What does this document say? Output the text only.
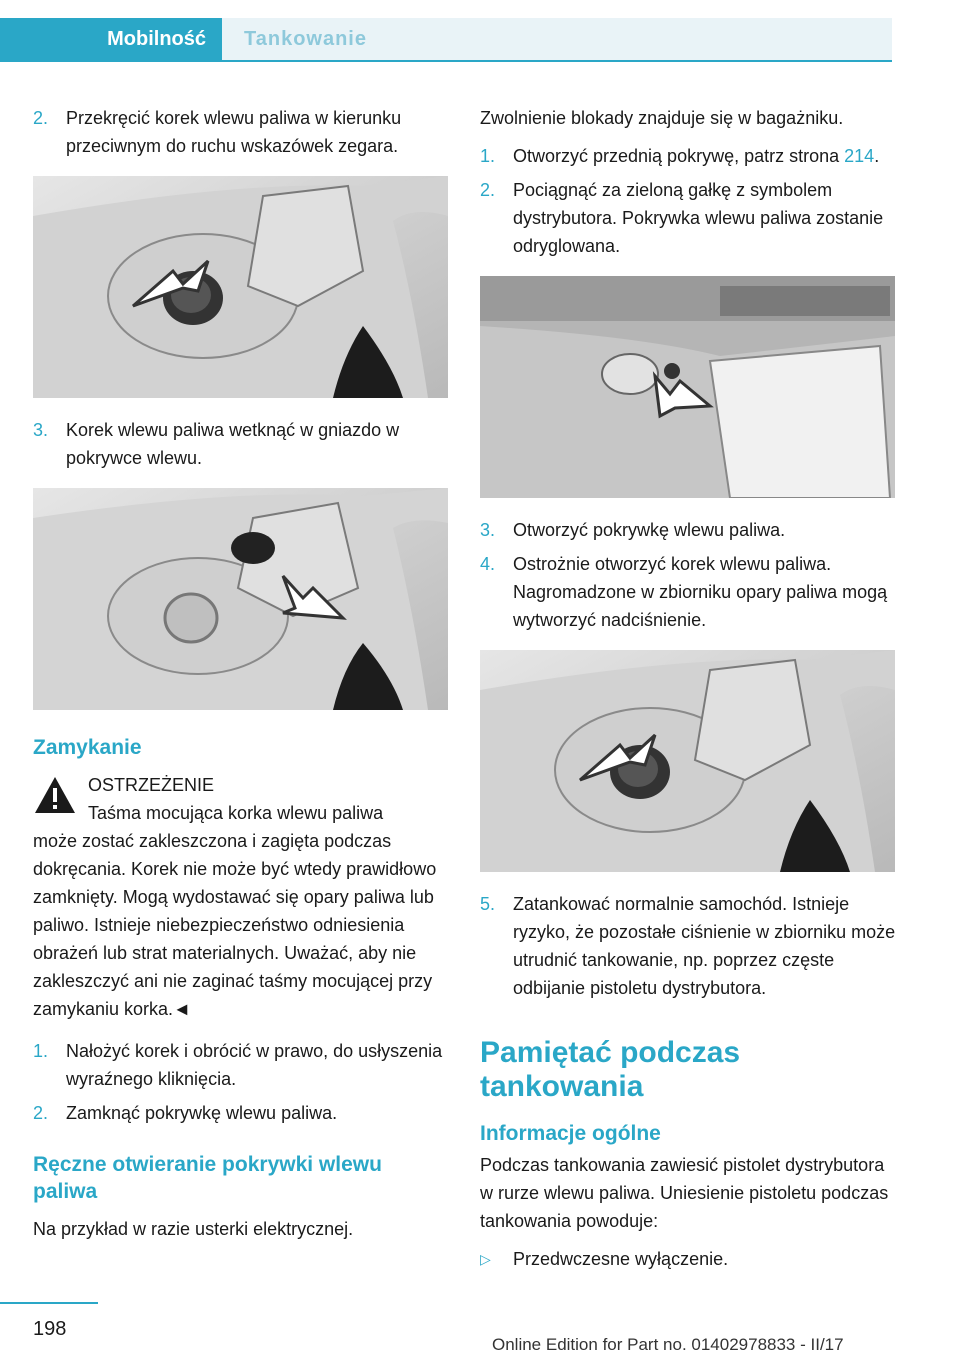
Mobilność	Tankowanie
2. Przekręcić korek wlewu paliwa w kierunku przeciwnym do ruchu wskazówek zegara.
3. Korek wlewu paliwa wetknąć w gniazdo w pokrywce wlewu.
Zamykanie
OSTRZEŻENIE
Taśma mocująca korka wlewu paliwa
może zostać zakleszczona i zagięta podczas dokręcania. Korek nie może być wtedy prawidłowo zamknięty. Mogą wydostawać się opary paliwa lub paliwo. Istnieje niebezpieczeństwo odniesienia obrażeń lub strat materialnych. Uważać, aby nie zakleszczyć ani nie zaginać taśmy mocującej przy zamykaniu korka.◄
1. Nałożyć korek i obrócić w prawo, do usłyszenia wyraźnego kliknięcia.
2. Zamknąć pokrywkę wlewu paliwa.
Ręczne otwieranie pokrywki wlewu paliwa

Na przykład w razie usterki elektrycznej.

Zwolnienie blokady znajduje się w bagażniku.

1. Otworzyć przednią pokrywę, patrz strona 214.
2. Pociągnąć za zieloną gałkę z symbolem dystrybutora. Pokrywka wlewu paliwa zostanie odryglowana.
3. Otworzyć pokrywkę wlewu paliwa.
4. Ostrożnie otworzyć korek wlewu paliwa. Nagromadzone w zbiorniku opary paliwa mogą wytworzyć nadciśnienie.
5. Zatankować normalnie samochód. Istnieje ryzyko, że pozostałe ciśnienie w zbiorniku może utrudnić tankowanie, np. poprzez częste odbijanie pistoletu dystrybutora.
Pamiętać podczas tankowania
Informacje ogólne

Podczas tankowania zawiesić pistolet dystrybutora w rurze wlewu paliwa. Uniesienie pistoletu podczas tankowania powoduje:

▷ Przedwczesne wyłączenie.
198
Online Edition for Part no. 01402978833 - II/17
